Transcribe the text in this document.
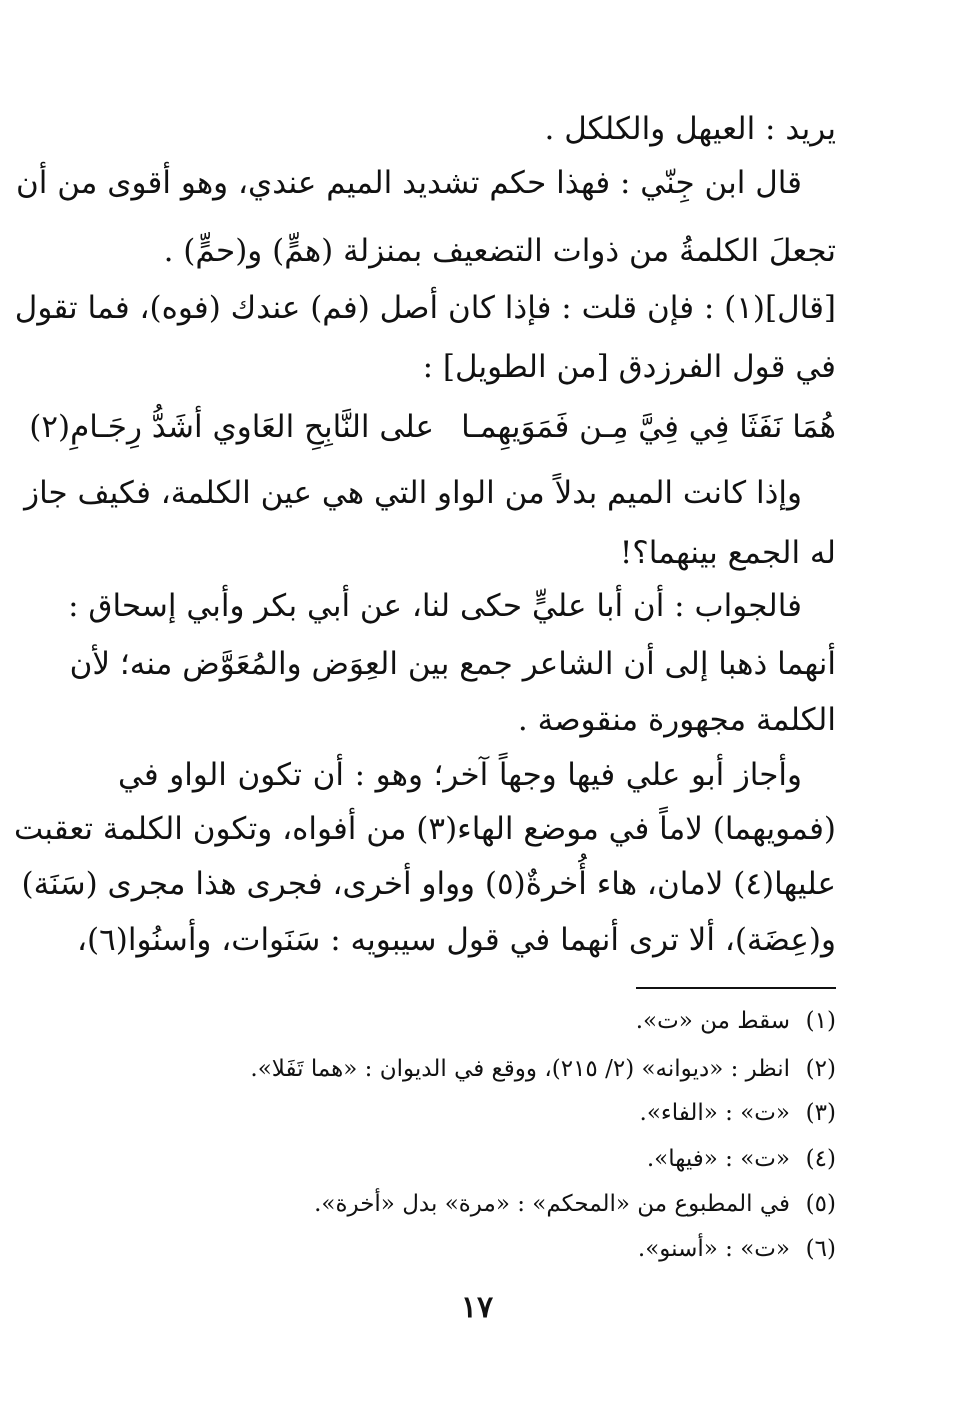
يريد : العيهل والكلكل .
قال ابن جِنّي : فهذا حكم تشديد الميم عندي، وهو أقوى من أن
تجعلَ الكلمةُ من ذوات التضعيف بمنزلة (همٍّ) و(حمٍّ) .
[قال](١) : فإن قلت : فإذا كان أصل (فم) عندك (فوه)، فما تقول
في قول الفرزدق [من الطويل] :
هُمَا نَفَثَا فِي فِيَّ مِـن فَمَوَيهِمـا
على النَّابِحِ العَاوي أشَدُّ رِجَـامِ(٢)
وإذا كانت الميم بدلاً من الواو التي هي عين الكلمة، فكيف جاز
له الجمع بينهما؟!
فالجواب : أن أبا عليٍّ حكى لنا، عن أبي بكر وأبي إسحاق :
أنهما ذهبا إلى أن الشاعر جمع بين العِوَض والمُعَوَّض منه؛ لأن
الكلمة مجهورة منقوصة .
وأجاز أبو علي فيها وجهاً آخر؛ وهو : أن تكون الواو في
(فمويهما) لاماً في موضع الهاء(٣) من أفواه، وتكون الكلمة تعقبت
عليها(٤) لامان، هاء أُخرةٌ(٥) وواو أخرى، فجرى هذا مجرى (سَنَة)
و(عِضَة)، ألا ترى أنهما في قول سيبويه : سَنَوات، وأسنُوا(٦)،
(١)سقط من «ت».
(٢)انظر : «ديوانه» (٢/ ٢١٥)، ووقع في الديوان : «هما تَفَلا».
(٣)«ت» : «الفاء».
(٤)«ت» : «فيها».
(٥)في المطبوع من «المحكم» : «مرة» بدل «أخرة».
(٦)«ت» : «أسنو».
١٧
